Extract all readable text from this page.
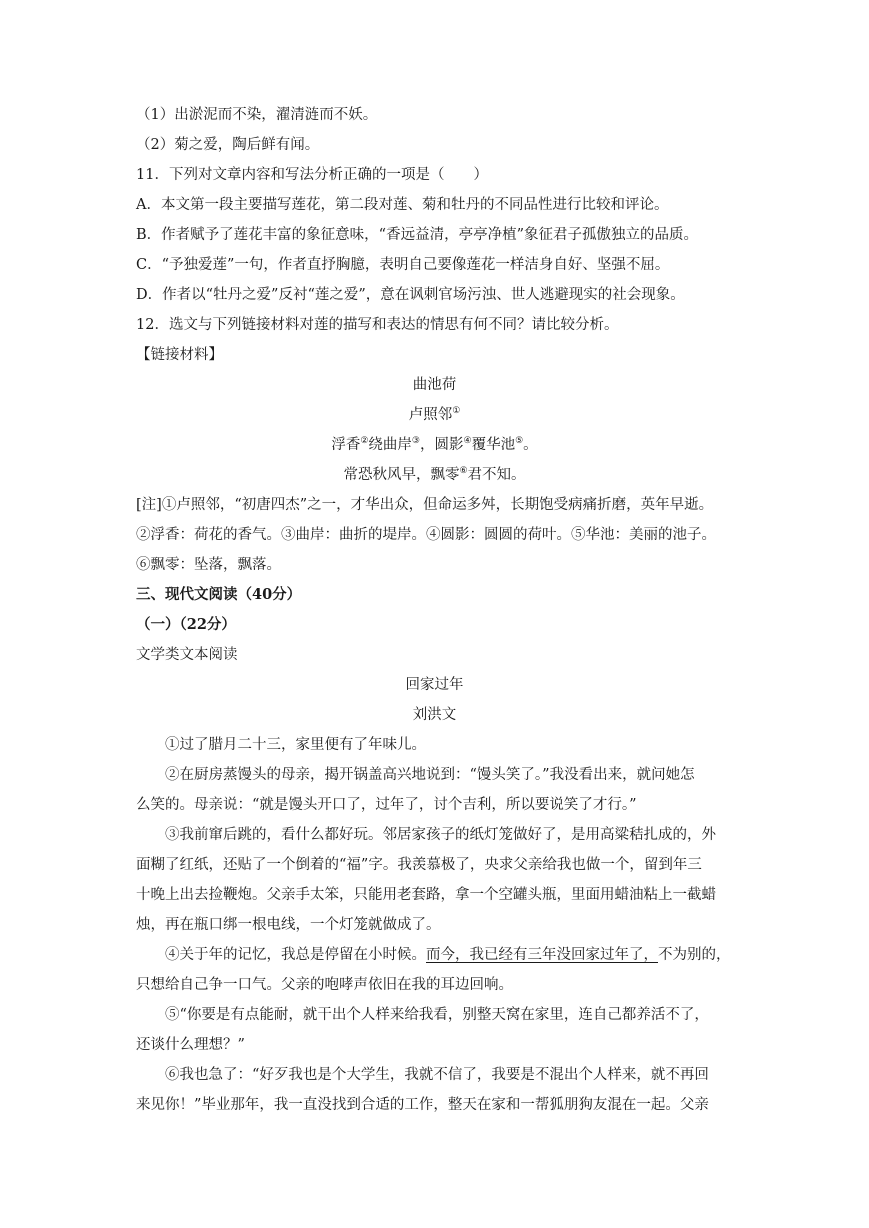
（1）出淤泥而不染，濯清涟而不妖。
（2）菊之爱，陶后鲜有闻。
11．下列对文章内容和写法分析正确的一项是（　　）
A．本文第一段主要描写莲花，第二段对莲、菊和牡丹的不同品性进行比较和评论。
B．作者赋予了莲花丰富的象征意味，“香远益清，亭亭净植”象征君子孤傲独立的品质。
C．“予独爱莲”一句，作者直抒胸臆，表明自己要像莲花一样洁身自好、坚强不屈。
D．作者以“牡丹之爱”反衬“莲之爱”，意在讽刺官场污浊、世人逃避现实的社会现象。
12．选文与下列链接材料对莲的描写和表达的情思有何不同？请比较分析。
【链接材料】
曲池荷
卢照邻①
浮香②绕曲岸③，圆影④覆华池⑤。
常恐秋风早，飘零⑥君不知。
[注]①卢照邻，“初唐四杰”之一，才华出众，但命运多舛，长期饱受病痛折磨，英年早逝。
②浮香：荷花的香气。③曲岸：曲折的堤岸。④圆影：圆圆的荷叶。⑤华池：美丽的池子。
⑥飘零：坠落，飘落。
三、现代文阅读（40分）
（一）（22分）
文学类文本阅读
回家过年
刘洪文
①过了腊月二十三，家里便有了年味儿。
②在厨房蒸馒头的母亲，揭开锅盖高兴地说到：“馒头笑了。”我没看出来，就问她怎
么笑的。母亲说：“就是馒头开口了，过年了，讨个吉利，所以要说笑了才行。”
③我前窜后跳的，看什么都好玩。邻居家孩子的纸灯笼做好了，是用高粱秸扎成的，外
面糊了红纸，还贴了一个倒着的“福”字。我羡慕极了，央求父亲给我也做一个，留到年三
十晚上出去捡鞭炮。父亲手太笨，只能用老套路，拿一个空罐头瓶，里面用蜡油粘上一截蜡
烛，再在瓶口绑一根电线，一个灯笼就做成了。
④关于年的记忆，我总是停留在小时候。而今，我已经有三年没回家过年了，不为别的，
只想给自己争一口气。父亲的咆哮声依旧在我的耳边回响。
⑤“你要是有点能耐，就干出个人样来给我看，别整天窝在家里，连自己都养活不了，
还谈什么理想？”
⑥我也急了：“好歹我也是个大学生，我就不信了，我要是不混出个人样来，就不再回
来见你！”毕业那年，我一直没找到合适的工作，整天在家和一帮狐朋狗友混在一起。父亲
